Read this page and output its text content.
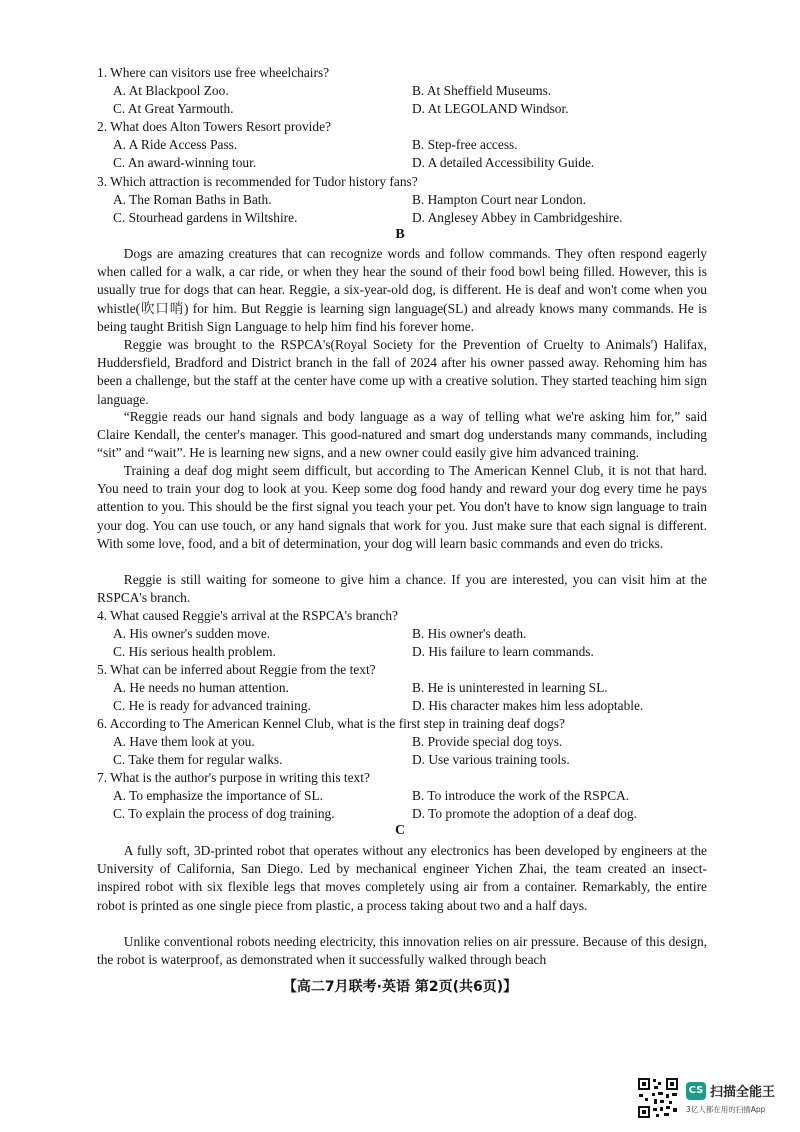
1. Where can visitors use free wheelchairs?
A. At Blackpool Zoo.	B. At Sheffield Museums.
C. At Great Yarmouth.	D. At LEGOLAND Windsor.
2. What does Alton Towers Resort provide?
A. A Ride Access Pass.	B. Step-free access.
C. An award-winning tour.	D. A detailed Accessibility Guide.
3. Which attraction is recommended for Tudor history fans?
A. The Roman Baths in Bath.	B. Hampton Court near London.
C. Stourhead gardens in Wiltshire.	D. Anglesey Abbey in Cambridgeshire.
B

Dogs are amazing creatures that can recognize words and follow commands. They often respond eagerly when called for a walk, a car ride, or when they hear the sound of their food bowl being filled. However, this is usually true for dogs that can hear. Reggie, a six-year-old dog, is different. He is deaf and won't come when you whistle(吹口哨) for him. But Reggie is learning sign language(SL) and already knows many commands. He is being taught British Sign Language to help him find his forever home.

Reggie was brought to the RSPCA's(Royal Society for the Prevention of Cruelty to Animals') Halifax, Huddersfield, Bradford and District branch in the fall of 2024 after his owner passed away. Rehoming him has been a challenge, but the staff at the center have come up with a creative solution. They started teaching him sign language.

“Reggie reads our hand signals and body language as a way of telling what we're asking him for,” said Claire Kendall, the center's manager. This good-natured and smart dog understands many commands, including “sit” and “wait”. He is learning new signs, and a new owner could easily give him advanced training.

Training a deaf dog might seem difficult, but according to The American Kennel Club, it is not that hard. You need to train your dog to look at you. Keep some dog food handy and reward your dog every time he pays attention to you. This should be the first signal you teach your pet. You don't have to know sign language to train your dog. You can use touch, or any hand signals that work for you. Just make sure that each signal is different. With some love, food, and a bit of determination, your dog will learn basic commands and even do tricks.

Reggie is still waiting for someone to give him a chance. If you are interested, you can visit him at the RSPCA's branch.

4. What caused Reggie's arrival at the RSPCA's branch?
A. His owner's sudden move.	B. His owner's death.
C. His serious health problem.	D. His failure to learn commands.
5. What can be inferred about Reggie from the text?
A. He needs no human attention.	B. He is uninterested in learning SL.
C. He is ready for advanced training.	D. His character makes him less adoptable.
6. According to The American Kennel Club, what is the first step in training deaf dogs?
A. Have them look at you.	B. Provide special dog toys.
C. Take them for regular walks.	D. Use various training tools.
7. What is the author's purpose in writing this text?
A. To emphasize the importance of SL.	B. To introduce the work of the RSPCA.
C. To explain the process of dog training.	D. To promote the adoption of a deaf dog.
C

A fully soft, 3D-printed robot that operates without any electronics has been developed by engineers at the University of California, San Diego. Led by mechanical engineer Yichen Zhai, the team created an insect-inspired robot with six flexible legs that moves completely using air from a container. Remarkably, the entire robot is printed as one single piece from plastic, a process taking about two and a half days.

Unlike conventional robots needing electricity, this innovation relies on air pressure. Because of this design, the robot is waterproof, as demonstrated when it successfully walked through beach

【高二7月联考·英语 第2页(共6页)】
CS 扫描全能王
3亿人都在用的扫描App
